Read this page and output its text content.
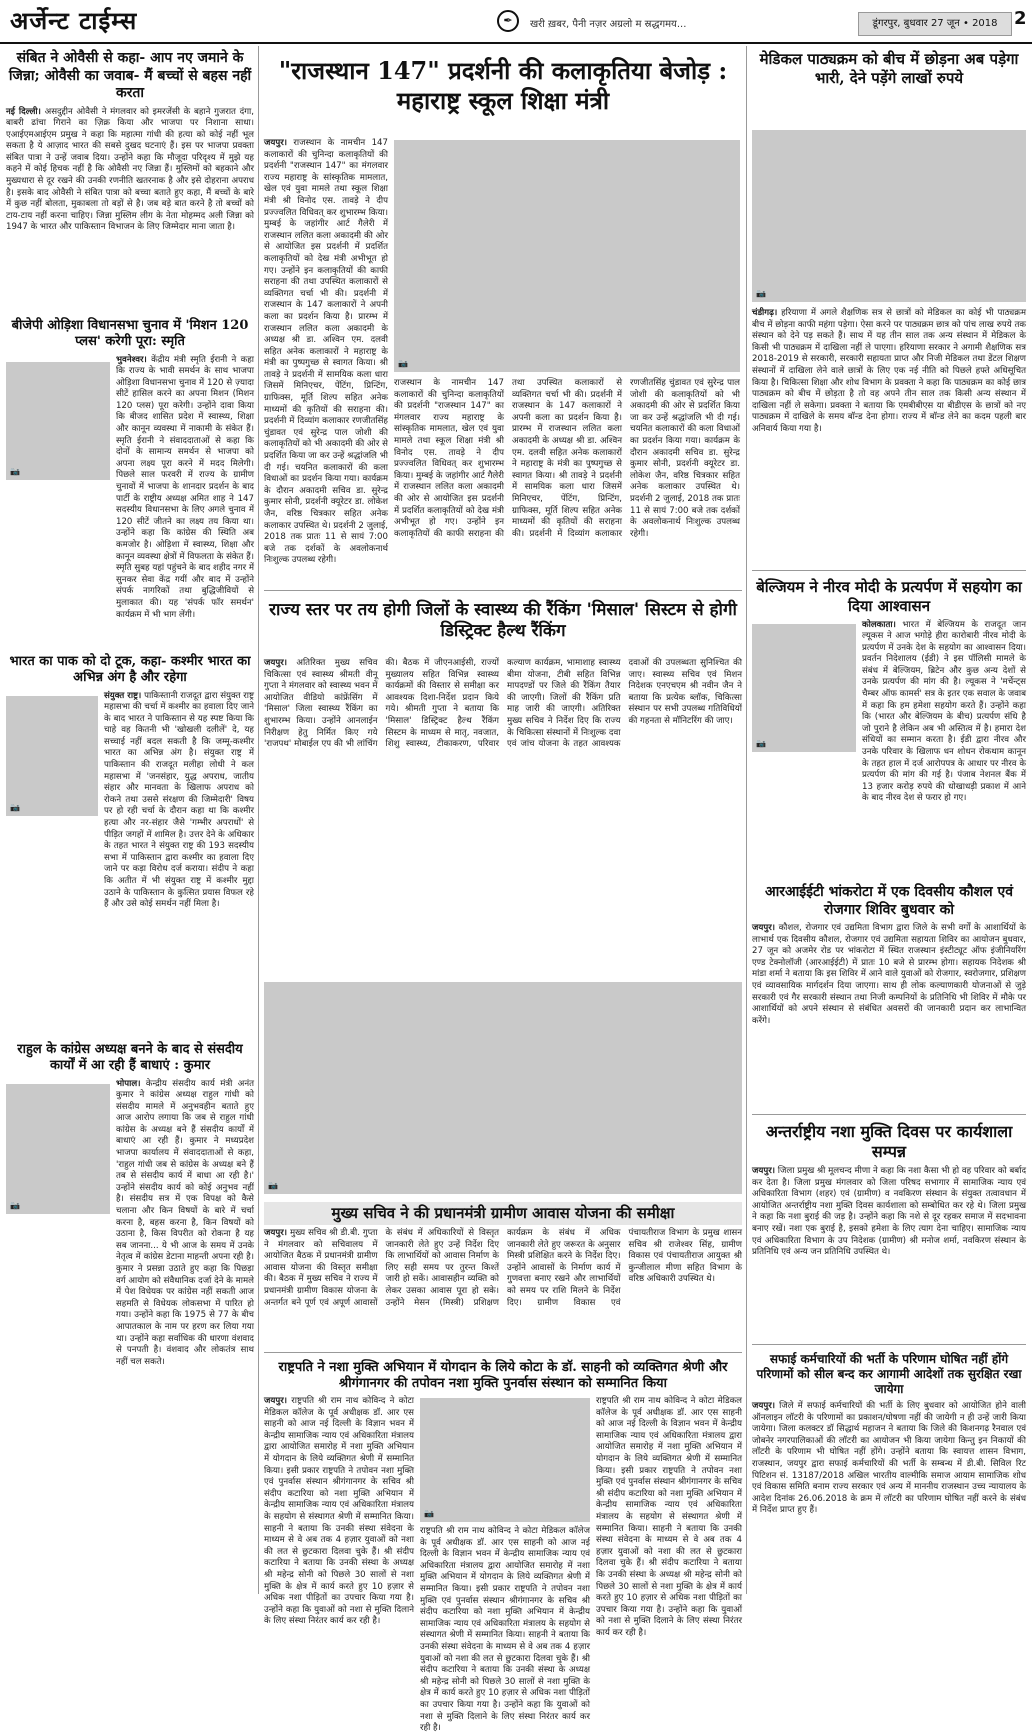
अर्जेन्ट टाईम्स	✒	खरी ख़बर, पैनी नज़र अग्रलो म स्रद्धगमय...	डूंगरपुर, बुधवार 27 जून • 2018 2
संबित ने ओवैसी से कहा- आप नए जमाने के जिन्ना; ओवैसी का जवाब- मैं बच्चों से बहस नहीं करता

नई दिल्ली। असदुद्दीन ओवैसी ने मंगलवार को इमरजेंसी के बहाने गुजरात दंगा, बाबरी ढांचा गिराने का ज़िक्र किया और भाजपा पर निशाना साधा। एआईएमआईएम प्रमुख ने कहा कि महात्मा गांधी की हत्या को कोई नहीं भूल सकता है ये आज़ाद भारत की सबसे दुखद घटनाएं हैं। इस पर भाजपा प्रवक्ता संबित पात्रा ने उन्हें जवाब दिया। उन्होंने कहा कि मौजूदा परिदृश्य में मुझे यह कहने में कोई हिचक नहीं है कि ओवैसी नए जिन्ना हैं। मुस्लिमों को बहकाने और मुख्यधारा से दूर रखने की उनकी रणनीति खतरनाक है और इसे दोहराना अपराध है। इसके बाद ओवैसी ने संबित पात्रा को बच्चा बताते हुए कहा, मैं बच्चों के बारे में कुछ नहीं बोलता, मुकाबला तो बड़ों से है। जब बड़े बात करने है तो बच्चों को टाय-टाय नहीं करना चाहिए। जिन्ना मुस्लिम लीग के नेता मोहम्मद अली जिन्ना को 1947 के भारत और पाकिस्तान विभाजन के लिए जिम्मेदार माना जाता है।

बीजेपी ओड़िशा विधानसभा चुनाव में 'मिशन 120 प्लस' करेगी पूरा: स्मृति
📷

भुवनेश्वर। केंद्रीय मंत्री स्मृति ईरानी ने कहा कि राज्य के भावी समर्थन के साथ भाजपा ओड़िशा विधानसभा चुनाव में 120 से ज़्यादा सीटें हासिल करने का अपना मिशन (मिशन 120 प्लस) पूरा करेगी। उन्होंने दावा किया कि बीजद शासित प्रदेश में स्वास्थ्य, शिक्षा और कानून व्यवस्था में नाकामी के संकेत हैं। स्मृति ईरानी ने संवाददाताओं से कहा कि दोनों के सामान्य समर्थन से भाजपा को अपना लक्ष्य पूरा करने में मदद मिलेगी। पिछले साल फरवरी में राज्य के ग्रामीण चुनावों में भाजपा के शानदार प्रदर्शन के बाद पार्टी के राष्ट्रीय अध्यक्ष अमित शाह ने 147 सदस्यीय विधानसभा के लिए अगले चुनाव में 120 सीटें जीतने का लक्ष्य तय किया था। उन्होंने कहा कि कांग्रेस की स्थिति अब कमजोर है। ओड़िशा में स्वास्थ्य, शिक्षा और कानून व्यवस्था क्षेत्रों में विफलता के संकेत हैं। स्मृति सुबह यहां पहुंचने के बाद शहीद नगर में सुनकर सेवा केंद्र गयीं और बाद में उन्होंने संपर्क नागरिकों तथा बुद्धिजीवियों से मुलाकात की। यह 'संपर्क फॉर समर्थन' कार्यक्रम में भी भाग लेंगी।

भारत का पाक को दो टूक, कहा- कश्मीर भारत का अभिन्न अंग है और रहेगा
📷

संयुक्त राष्ट्र। पाकिस्तानी राजदूत द्वारा संयुक्त राष्ट्र महासभा की चर्चा में कश्मीर का हवाला दिए जाने के बाद भारत ने पाकिस्तान से यह स्पष्ट किया कि चाहे वह कितनी भी 'खोखली दलीलें' दे, यह सच्चाई नहीं बदल सकती है कि जम्मू-कश्मीर भारत का अभिन्न अंग है। संयुक्त राष्ट्र में पाकिस्तान की राजदूत मलीहा लोधी ने कल महासभा में 'जनसंहार, युद्ध अपराध, जातीय संहार और मानवता के खिलाफ अपराध को रोकने तथा उससे संरक्षण की जिम्मेदारी' विषय पर हो रही चर्चा के दौरान कहा था कि कश्मीर हत्या और नर-संहार जैसे 'गम्भीर अपराधों' से पीड़ित जगहों में शामिल है। उत्तर देने के अधिकार के तहत भारत ने संयुक्त राष्ट्र की 193 सदस्यीय सभा में पाकिस्तान द्वारा कश्मीर का हवाला दिए जाने पर कड़ा विरोध दर्ज कराया। संदीप ने कहा कि अतीत में भी संयुक्त राष्ट्र में कश्मीर मुद्दा उठाने के पाकिस्तान के कुत्सित प्रयास विफल रहे हैं और उसे कोई समर्थन नहीं मिला है।

राहुल के कांग्रेस अध्यक्ष बनने के बाद से संसदीय कार्यों में आ रही हैं बाधाएं : कुमार
📷

भोपाल। केन्द्रीय संसदीय कार्य मंत्री अनंत कुमार ने कांग्रेस अध्यक्ष राहुल गांधी को संसदीय मामले में अनुभवहीन बताते हुए आज आरोप लगाया कि जब से राहुल गांधी कांग्रेस के अध्यक्ष बने हैं संसदीय कार्यों में बाधाएं आ रही हैं। कुमार ने मध्यप्रदेश भाजपा कार्यालय में संवाददाताओं से कहा, 'राहुल गांधी जब से कांग्रेस के अध्यक्ष बने हैं तब से संसदीय कार्य में बाधा आ रही है।' उन्होंने संसदीय कार्य को कोई अनुभव नहीं है। संसदीय सत्र में एक विपक्ष को कैसे चलाना और किन विषयों के बारे में चर्चा करना है, बहस करना है, किन विषयों को उठाना है, किस विपरीत को रोकना है यह सब जानना... ये भी आज के समय में उनके नेतृत्व में कांग्रेस डेटाना माहन्ती अपना रही है। कुमार ने प्रसन्ना उठाते हुए कहा कि पिछड़ा वर्ग आयोग को संवैधानिक दर्जा देने के मामले में पेश विधेयक पर कांग्रेस नहीं सकती आज सहमति से विधेयक लोकसभा में पारित हो गया। उन्होंने कहा कि 1975 से 77 के बीच आपातकाल के नाम पर हरण कर लिया गया था। उन्होंने कहा सर्वाधिक की धारणा वंशवाद से पनपती है। वंशवाद और लोकतंत्र साथ नहीं चल सकते।

"राजस्थान 147" प्रदर्शनी की कलाकृतिया बेजोड़ : महाराष्ट्र स्कूल शिक्षा मंत्री

जयपुर। राजस्थान के नामचीन 147 कलाकारों की चुनिन्दा कलाकृतियों की प्रदर्शनी "राजस्थान 147" का मंगलवार राज्य महाराष्ट्र के सांस्कृतिक मामलात, खेल एवं युवा मामले तथा स्कूल शिक्षा मंत्री श्री विनोद एस. तावड़े ने दीप प्रज्ज्वलित विधिवत् कर शुभारम्भ किया। मुम्बई के जहांगीर आर्ट गैलेरी में राजस्थान ललित कला अकादमी की ओर से आयोजित इस प्रदर्शनी में प्रदर्शित कलाकृतियों को देख मंत्री अभीभूत हो गए। उन्होंने इन कलाकृतियों की काफी सराहना की तथा उपस्थित कलाकारों से व्यक्तिगत चर्चा भी की। प्रदर्शनी में राजस्थान के 147 कलाकारों ने अपनी कला का प्रदर्शन किया है। प्रारम्भ में राजस्थान ललित कला अकादमी के अध्यक्ष श्री डा. अश्विन एम. दलवी सहित अनेक कलाकारों ने महाराष्ट्र के मंत्री का पुष्पगुच्छ से स्वागत किया। श्री तावड़े ने प्रदर्शनी में सामयिक कला धारा जिसमें मिनिएचर, पेंटिंग, प्रिन्टिंग, ग्राफिक्स, मूर्ति शिल्प सहित अनेक माध्यमों की कृतियों की सराहना की। प्रदर्शनी में दिव्यांग कलाकार रणजीतसिंह चुंडावत एवं सुरेन्द्र पाल जोशी की कलाकृतियों को भी अकादमी की ओर से प्रदर्शित किया जा कर उन्हें श्रद्धांजलि भी दी गई। चयनित कलाकारों की कला विधाओं का प्रदर्शन किया गया। कार्यक्रम के दौरान अकादमी सचिव डा. सुरेन्द्र कुमार सोनी, प्रदर्शनी क्यूरेटर डा. लोकेश जैन, वरिष्ठ चित्रकार सहित अनेक कलाकार उपस्थित थे। प्रदर्शनी 2 जुलाई, 2018 तक प्रातः 11 से सायं 7:00 बजे तक दर्शकों के अवलोकनार्थ निःशुल्क उपलब्ध रहेगी।

📷

राजस्थान के नामचीन 147 कलाकारों की चुनिन्दा कलाकृतियों की प्रदर्शनी "राजस्थान 147" का मंगलवार राज्य महाराष्ट्र के सांस्कृतिक मामलात, खेल एवं युवा मामले तथा स्कूल शिक्षा मंत्री श्री विनोद एस. तावड़े ने दीप प्रज्ज्वलित विधिवत् कर शुभारम्भ किया। मुम्बई के जहांगीर आर्ट गैलेरी में राजस्थान ललित कला अकादमी की ओर से आयोजित इस प्रदर्शनी में प्रदर्शित कलाकृतियों को देख मंत्री अभीभूत हो गए। उन्होंने इन कलाकृतियों की काफी सराहना की तथा उपस्थित कलाकारों से व्यक्तिगत चर्चा भी की। प्रदर्शनी में राजस्थान के 147 कलाकारों ने अपनी कला का प्रदर्शन किया है। प्रारम्भ में राजस्थान ललित कला अकादमी के अध्यक्ष श्री डा. अश्विन एम. दलवी सहित अनेक कलाकारों ने महाराष्ट्र के मंत्री का पुष्पगुच्छ से स्वागत किया। श्री तावड़े ने प्रदर्शनी में सामयिक कला धारा जिसमें मिनिएचर, पेंटिंग, प्रिन्टिंग, ग्राफिक्स, मूर्ति शिल्प सहित अनेक माध्यमों की कृतियों की सराहना की। प्रदर्शनी में दिव्यांग कलाकार रणजीतसिंह चुंडावत एवं सुरेन्द्र पाल जोशी की कलाकृतियों को भी अकादमी की ओर से प्रदर्शित किया जा कर उन्हें श्रद्धांजलि भी दी गई। चयनित कलाकारों की कला विधाओं का प्रदर्शन किया गया। कार्यक्रम के दौरान अकादमी सचिव डा. सुरेन्द्र कुमार सोनी, प्रदर्शनी क्यूरेटर डा. लोकेश जैन, वरिष्ठ चित्रकार सहित अनेक कलाकार उपस्थित थे। प्रदर्शनी 2 जुलाई, 2018 तक प्रातः 11 से सायं 7:00 बजे तक दर्शकों के अवलोकनार्थ निःशुल्क उपलब्ध रहेगी।

राज्य स्तर पर तय होगी जिलों के स्वास्थ्य की रैंकिंग 'मिसाल' सिस्टम से होगी डिस्ट्रिक्ट हैल्थ रैंकिंग

जयपुर। अतिरिक्त मुख्य सचिव चिकित्सा एवं स्वास्थ्य श्रीमती वीनू गुप्ता ने मंगलवार को स्वास्थ्य भवन में आयोजित वीडियो कांफ्रेंसिंग में 'मिसाल' जिला स्वास्थ्य रैंकिंग का शुभारम्भ किया। उन्होंने आनलाईन निरीक्षण हेतु निर्मित किए गये 'राजपथ' मोबाईल एप की भी लांचिंग की। बैठक में जीएनआईसी, राज्यों मुख्यालय सहित विभिन्न स्वास्थ्य कार्यक्रमों की विस्तार से समीक्षा कर आवश्यक दिशा-निर्देश प्रदान किये गये। श्रीमती गुप्ता ने बताया कि 'मिसाल' डिस्ट्रिक्ट हैल्थ रैंकिंग सिस्टम के माध्यम से मातृ, नवजात, शिशु स्वास्थ्य, टीकाकरण, परिवार कल्याण कार्यक्रम, भामाशाह स्वास्थ्य बीमा योजना, टीबी सहित विभिन्न मापदण्डों पर जिले की रैंकिंग तैयार की जाएगी। जिलों की रैंकिंग प्रति माह जारी की जाएगी। अतिरिक्त मुख्य सचिव ने निर्देश दिए कि राज्य के चिकित्सा संस्थानों में निःशुल्क दवा एवं जांच योजना के तहत आवश्यक दवाओं की उपलब्धता सुनिश्चित की जाए। स्वास्थ्य सचिव एवं मिशन निदेशक एनएचएम श्री नवीन जैन ने बताया कि प्रत्येक ब्लॉक, चिकित्सा संस्थान पर सभी उपलब्ध गतिविधियों की गहनता से मॉनिटरिंग की जाए।

📷
मुख्य सचिव ने की प्रधानमंत्री ग्रामीण आवास योजना की समीक्षा

जयपुर। मुख्य सचिव श्री डी.बी. गुप्ता ने मंगलवार को सचिवालय में आयोजित बैठक में प्रधानमंत्री ग्रामीण आवास योजना की विस्तृत समीक्षा की। बैठक में मुख्य सचिव ने राज्य में प्रधानमंत्री ग्रामीण विकास योजना के अन्तर्गत बने पूर्ण एवं अपूर्ण आवासों के संबंध में अधिकारियों से विस्तृत जानकारी लेते हुए उन्हें निर्देश दिए कि लाभार्थियों को आवास निर्माण के लिए सही समय पर तुरन्त किश्तें जारी हो सकें। आवासहीन व्यक्ति को लेकर उसका आवास पूरा हो सके। उन्होंने मेसन (मिस्त्री) प्रशिक्षण कार्यक्रम के संबंध में अधिक जानकारी लेते हुए जरूरत के अनुसार मिस्त्री प्रशिक्षित करने के निर्देश दिए। उन्होंने आवासों के निर्माण कार्य में गुणवत्ता बनाए रखने और लाभार्थियों को समय पर राशि मिलने के निर्देश दिए। ग्रामीण विकास एवं पंचायतीराज विभाग के प्रमुख शासन सचिव श्री राजेश्वर सिंह, ग्रामीण विकास एवं पंचायतीराज आयुक्त श्री कुन्जीलाल मीणा सहित विभाग के वरिष्ठ अधिकारी उपस्थित थे।

राष्ट्रपति ने नशा मुक्ति अभियान में योगदान के लिये कोटा के डॉ. साहनी को व्यक्तिगत श्रेणी और श्रीगंगानगर की तपोवन नशा मुक्ति पुनर्वास संस्थान को सम्मानित किया

जयपुर। राष्ट्रपति श्री राम नाथ कोविन्द ने कोटा मेडिकल कॉलेज के पूर्व अधीक्षक डॉ. आर एस साहनी को आज नई दिल्ली के विज्ञान भवन में केन्द्रीय सामाजिक न्याय एवं अधिकारिता मंत्रालय द्वारा आयोजित समारोह में नशा मुक्ति अभियान में योगदान के लिये व्यक्तिगत श्रेणी में सम्मानित किया। इसी प्रकार राष्ट्रपति ने तपोवन नशा मुक्ति एवं पुनर्वास संस्थान श्रीगंगानगर के सचिव श्री संदीप कटारिया को नशा मुक्ति अभियान में केन्द्रीय सामाजिक न्याय एवं अधिकारिता मंत्रालय के सहयोग से संस्थागत श्रेणी में सम्मानित किया। साहनी ने बताया कि उनकी संस्था संवेदना के माध्यम से वे अब तक 4 हज़ार युवाओं को नशा की लत से छुटकारा दिलवा चुके हैं। श्री संदीप कटारिया ने बताया कि उनकी संस्था के अध्यक्ष श्री महेन्द्र सोनी को पिछले 30 सालों से नशा मुक्ति के क्षेत्र में कार्य करते हुए 10 हज़ार से अधिक नशा पीड़ितों का उपचार किया गया है। उन्होंने कहा कि युवाओं को नशा से मुक्ति दिलाने के लिए संस्था निरंतर कार्य कर रही है।

📷

राष्ट्रपति श्री राम नाथ कोविन्द ने कोटा मेडिकल कॉलेज के पूर्व अधीक्षक डॉ. आर एस साहनी को आज नई दिल्ली के विज्ञान भवन में केन्द्रीय सामाजिक न्याय एवं अधिकारिता मंत्रालय द्वारा आयोजित समारोह में नशा मुक्ति अभियान में योगदान के लिये व्यक्तिगत श्रेणी में सम्मानित किया। इसी प्रकार राष्ट्रपति ने तपोवन नशा मुक्ति एवं पुनर्वास संस्थान श्रीगंगानगर के सचिव श्री संदीप कटारिया को नशा मुक्ति अभियान में केन्द्रीय सामाजिक न्याय एवं अधिकारिता मंत्रालय के सहयोग से संस्थागत श्रेणी में सम्मानित किया। साहनी ने बताया कि उनकी संस्था संवेदना के माध्यम से वे अब तक 4 हज़ार युवाओं को नशा की लत से छुटकारा दिलवा चुके हैं। श्री संदीप कटारिया ने बताया कि उनकी संस्था के अध्यक्ष श्री महेन्द्र सोनी को पिछले 30 सालों से नशा मुक्ति के क्षेत्र में कार्य करते हुए 10 हज़ार से अधिक नशा पीड़ितों का उपचार किया गया है। उन्होंने कहा कि युवाओं को नशा से मुक्ति दिलाने के लिए संस्था निरंतर कार्य कर रही है।

राष्ट्रपति श्री राम नाथ कोविन्द ने कोटा मेडिकल कॉलेज के पूर्व अधीक्षक डॉ. आर एस साहनी को आज नई दिल्ली के विज्ञान भवन में केन्द्रीय सामाजिक न्याय एवं अधिकारिता मंत्रालय द्वारा आयोजित समारोह में नशा मुक्ति अभियान में योगदान के लिये व्यक्तिगत श्रेणी में सम्मानित किया। इसी प्रकार राष्ट्रपति ने तपोवन नशा मुक्ति एवं पुनर्वास संस्थान श्रीगंगानगर के सचिव श्री संदीप कटारिया को नशा मुक्ति अभियान में केन्द्रीय सामाजिक न्याय एवं अधिकारिता मंत्रालय के सहयोग से संस्थागत श्रेणी में सम्मानित किया। साहनी ने बताया कि उनकी संस्था संवेदना के माध्यम से वे अब तक 4 हज़ार युवाओं को नशा की लत से छुटकारा दिलवा चुके हैं। श्री संदीप कटारिया ने बताया कि उनकी संस्था के अध्यक्ष श्री महेन्द्र सोनी को पिछले 30 सालों से नशा मुक्ति के क्षेत्र में कार्य करते हुए 10 हज़ार से अधिक नशा पीड़ितों का उपचार किया गया है। उन्होंने कहा कि युवाओं को नशा से मुक्ति दिलाने के लिए संस्था निरंतर कार्य कर रही है।

मेडिकल पाठ्यक्रम को बीच में छोड़ना अब पड़ेगा भारी, देने पड़ेंगे लाखों रुपये
📷

चंडीगढ़। हरियाणा में अगले शैक्षणिक सत्र से छात्रों को मेडिकल का कोई भी पाठ्यक्रम बीच में छोड़ना काफी महंगा पड़ेगा। ऐसा करने पर पाठ्यक्रम छात्र को पांच लाख रुपये तक संस्थान को देने पड़ सकते हैं। साथ में यह तीन साल तक अन्य संस्थान में मेडिकल के किसी भी पाठ्यक्रम में दाखिला नहीं ले पाएगा। हरियाणा सरकार ने अगामी शैक्षणिक सत्र 2018-2019 से सरकारी, सरकारी सहायता प्राप्त और निजी मेडिकल तथा डेंटल शिक्षण संस्थानों में दाखिला लेने वाले छात्रों के लिए एक नई नीति को पिछले हफ्ते अधिसूचित किया है। चिकित्सा शिक्षा और शोध विभाग के प्रवक्ता ने कहा कि पाठ्यक्रम का कोई छात्र पाठ्यक्रम को बीच में छोड़ता है तो वह अपने तीन साल तक किसी अन्य संस्थान में दाखिला नहीं ले सकेगा। प्रवक्ता ने बताया कि एमबीबीएस या बीडीएस के छात्रों को नए पाठ्यक्रम में दाखिले के समय बॉन्ड देना होगा। राज्य में बॉन्ड लेने का कदम पहली बार अनिवार्य किया गया है।

बेल्जियम ने नीरव मोदी के प्रत्यर्पण में सहयोग का दिया आश्वासन
📷

कोलकाता। भारत में बेल्जियम के राजदूत जान ल्यूकस ने आज भगोड़े हीरा कारोबारी नीरव मोदी के प्रत्यर्पण में उनके देश के सहयोग का आश्वासन दिया। प्रवर्तन निदेशालय (ईडी) ने इस पॉलिसी मामले के संबंध में बेल्जियम, ब्रिटेन और कुछ अन्य देशों से उनके प्रत्यर्पण की मांग की है। ल्यूकस ने 'मर्चेन्ट्स चैम्बर ऑफ कामर्स' सत्र के इतर एक सवाल के जवाब में कहा कि हम हमेशा सहयोग करते हैं। उन्होंने कहा कि (भारत और बेल्जियम के बीच) प्रत्यर्पण संधि है जो पुराने है लेकिन अब भी अस्तित्व में है। हमारा देश संधियों का सम्मान करता है। ईडी द्वारा नीरव और उनके परिवार के खिलाफ धन शोधन रोकथाम कानून के तहत हाल में दर्ज आरोपपत्र के आधार पर नीरव के प्रत्यर्पण की मांग की गई है। पंजाब नेशनल बैंक में 13 हजार करोड़ रुपये की धोखाधड़ी प्रकाश में आने के बाद नीरव देश से फरार हो गए।

आरआईईटी भांकरोटा में एक दिवसीय कौशल एवं रोजगार शिविर बुधवार को

जयपुर। कौशल, रोजगार एवं उद्यमिता विभाग द्वारा जिले के सभी वर्गों के आशार्थियों के लाभार्थ एक दिवसीय कौशल, रोजगार एवं उद्यमिता सहायता शिविर का आयोजन बुधवार, 27 जून को अजमेर रोड पर भांकरोटा में स्थित राजस्थान इंस्टीट्यूट ऑफ इंजीनियरिंग एण्ड टेक्नोलॉजी (आरआईईटी) में प्रातः 10 बजे से प्रारम्भ होगा। सहायक निदेशक श्री मांडा शर्मा ने बताया कि इस शिविर में आने वाले युवाओं को रोजगार, स्वरोजगार, प्रशिक्षण एवं व्यावसायिक मार्गदर्शन दिया जाएगा। साथ ही लोक कल्याणकारी योजनाओं से जुड़े सरकारी एवं गैर सरकारी संस्थान तथा निजी कम्पनियों के प्रतिनिधि भी शिविर में मौके पर आशार्थियों को अपने संस्थान से संबंधित अवसरों की जानकारी प्रदान कर लाभान्वित करेंगे।

अन्तर्राष्ट्रीय नशा मुक्ति दिवस पर कार्यशाला सम्पन्न

जयपुर। जिला प्रमुख श्री मूलचन्द मीणा ने कहा कि नशा कैसा भी हो वह परिवार को बर्बाद कर देता है। जिला प्रमुख मंगलवार को जिला परिषद सभागार में सामाजिक न्याय एवं अधिकारिता विभाग (शहर) एवं (ग्रामीण) व नवकिरण संस्थान के संयुक्त तत्वावधान में आयोजित अन्तर्राष्ट्रीय नशा मुक्ति दिवस कार्यशाला को सम्बोधित कर रहे थे। जिला प्रमुख ने कहा कि नशा बुराई की जड़ है। उन्होंने कहा कि नशे से दूर रहकर समाज में सदभावना बनाए रखें। नशा एक बुराई है, इसको हमेशा के लिए त्याग देना चाहिए। सामाजिक न्याय एवं अधिकारिता विभाग के उप निदेशक (ग्रामीण) श्री मनोज शर्मा, नवकिरण संस्थान के प्रतिनिधि एवं अन्य जन प्रतिनिधि उपस्थित थे।

सफाई कर्मचारियों की भर्ती के परिणाम घोषित नहीं होंगे परिणामों को सील बन्द कर आगामी आदेशों तक सुरक्षित रखा जायेगा

जयपुर। जिले में सफाई कर्मचारियों की भर्ती के लिए बुधवार को आयोजित होने वाली ऑनलाइन लॉटरी के परिणामों का प्रकाशन/घोषणा नहीं की जायेगी न ही उन्हें जारी किया जायेगा। जिला कलक्टर डॉ सिद्धार्थ महाजन ने बताया कि जिले की किशनगढ़ रैनवाल एवं जोबनेर नगरपालिकाओं की लॉटरी का आयोजन भी किया जायेगा किन्तु इन निकायों की लॉटरी के परिणाम भी घोषित नहीं होंगे। उन्होंने बताया कि स्वायत्त शासन विभाग, राजस्थान, जयपुर द्वारा सफाई कर्मचारियों की भर्ती के सम्बन्ध में डी.बी. सिविल रिट पिटिशन सं. 13187/2018 अखिल भारतीय वाल्मीकि समाज आयाम सामाजिक शोध एवं विकास समिति बनाम राज्य सरकार एवं अन्य में माननीय राजस्थान उच्च न्यायालय के आदेश दिनांक 26.06.2018 के क्रम में लॉटरी का परिणाम घोषित नहीं करने के संबंध में निर्देश प्राप्त हुए हैं।
